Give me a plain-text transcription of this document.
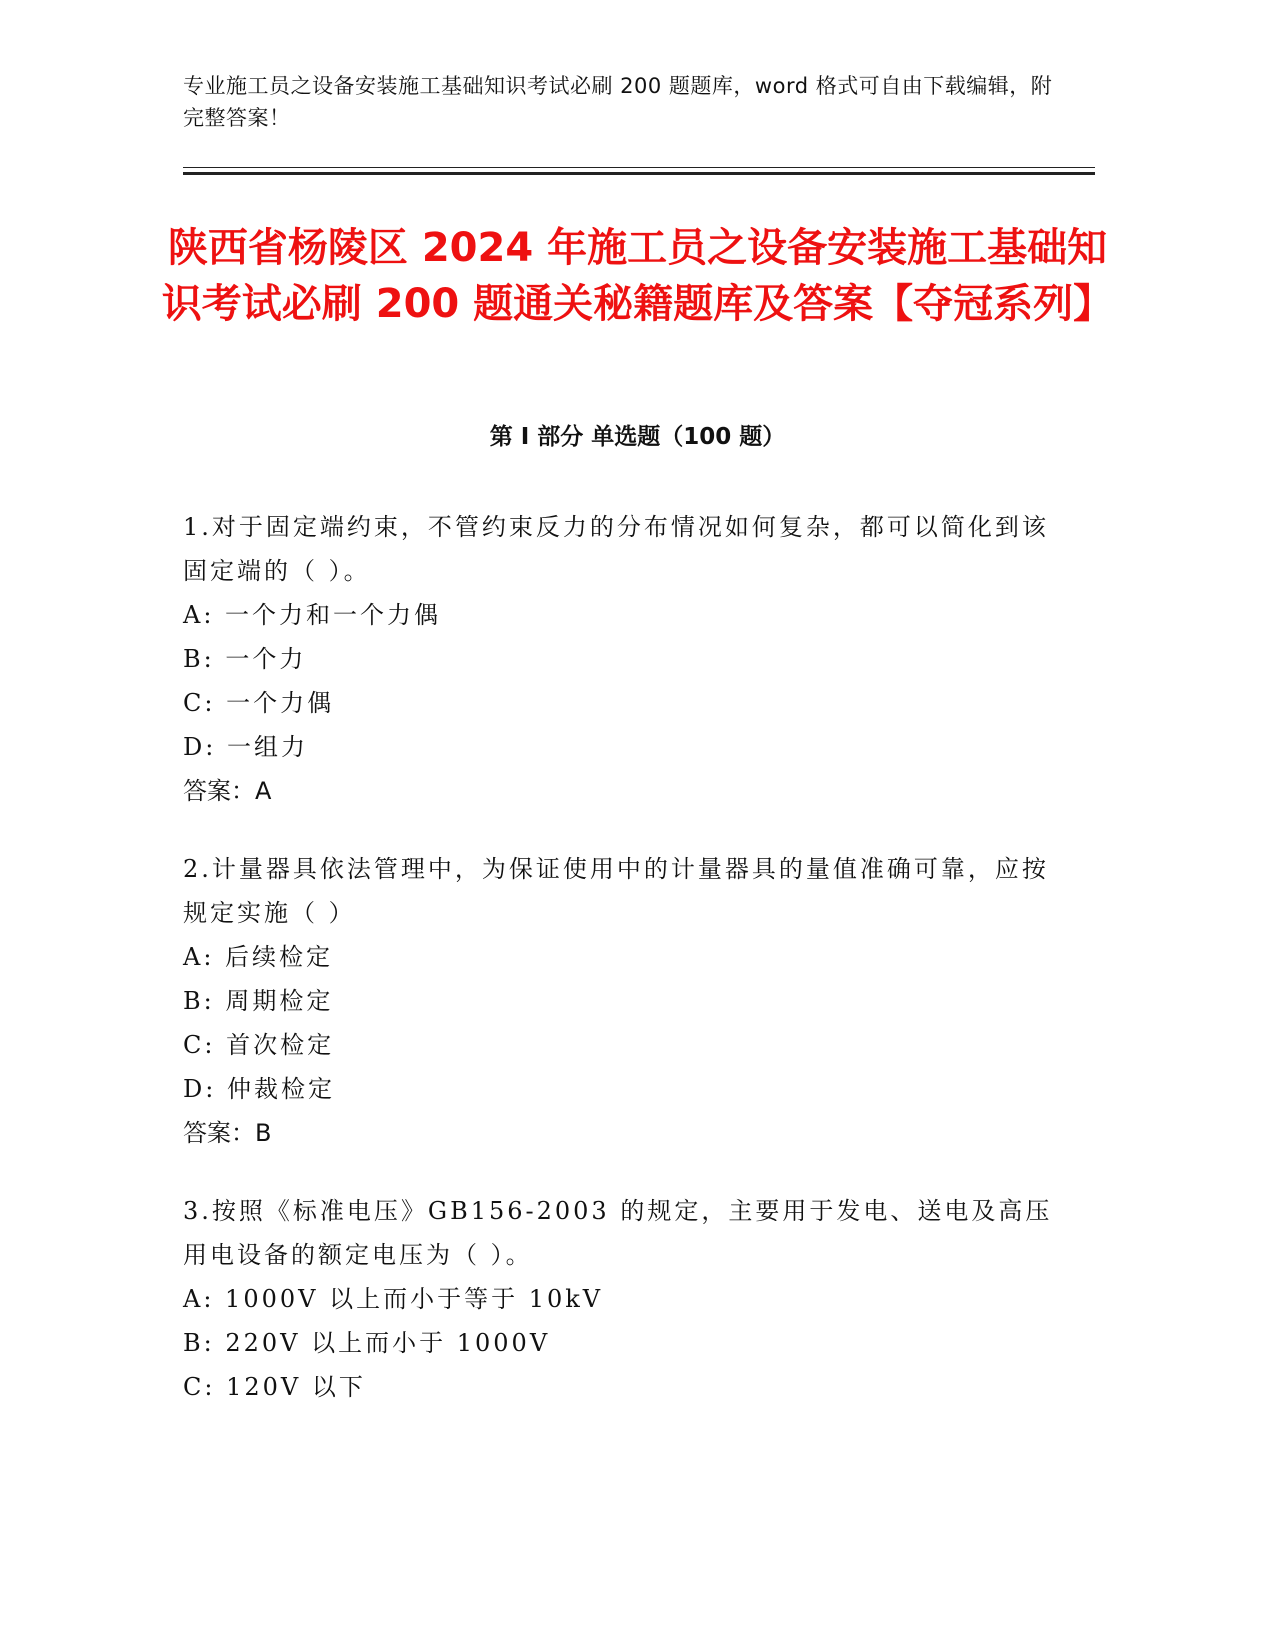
专业施工员之设备安装施工基础知识考试必刷 200 题题库，word 格式可自由下载编辑，附完整答案！
陕西省杨陵区 2024 年施工员之设备安装施工基础知识考试必刷 200 题通关秘籍题库及答案【夺冠系列】
第 I 部分 单选题（100 题）
1.对于固定端约束，不管约束反力的分布情况如何复杂，都可以简化到该固定端的（ ）。
A: 一个力和一个力偶
B: 一个力
C: 一个力偶
D: 一组力
答案：A
2.计量器具依法管理中，为保证使用中的计量器具的量值准确可靠，应按规定实施（ ）
A: 后续检定
B: 周期检定
C: 首次检定
D: 仲裁检定
答案：B
3.按照《标准电压》GB156-2003 的规定，主要用于发电、送电及高压用电设备的额定电压为（ ）。
A: 1000V 以上而小于等于 10kV
B: 220V 以上而小于 1000V
C: 120V 以下
